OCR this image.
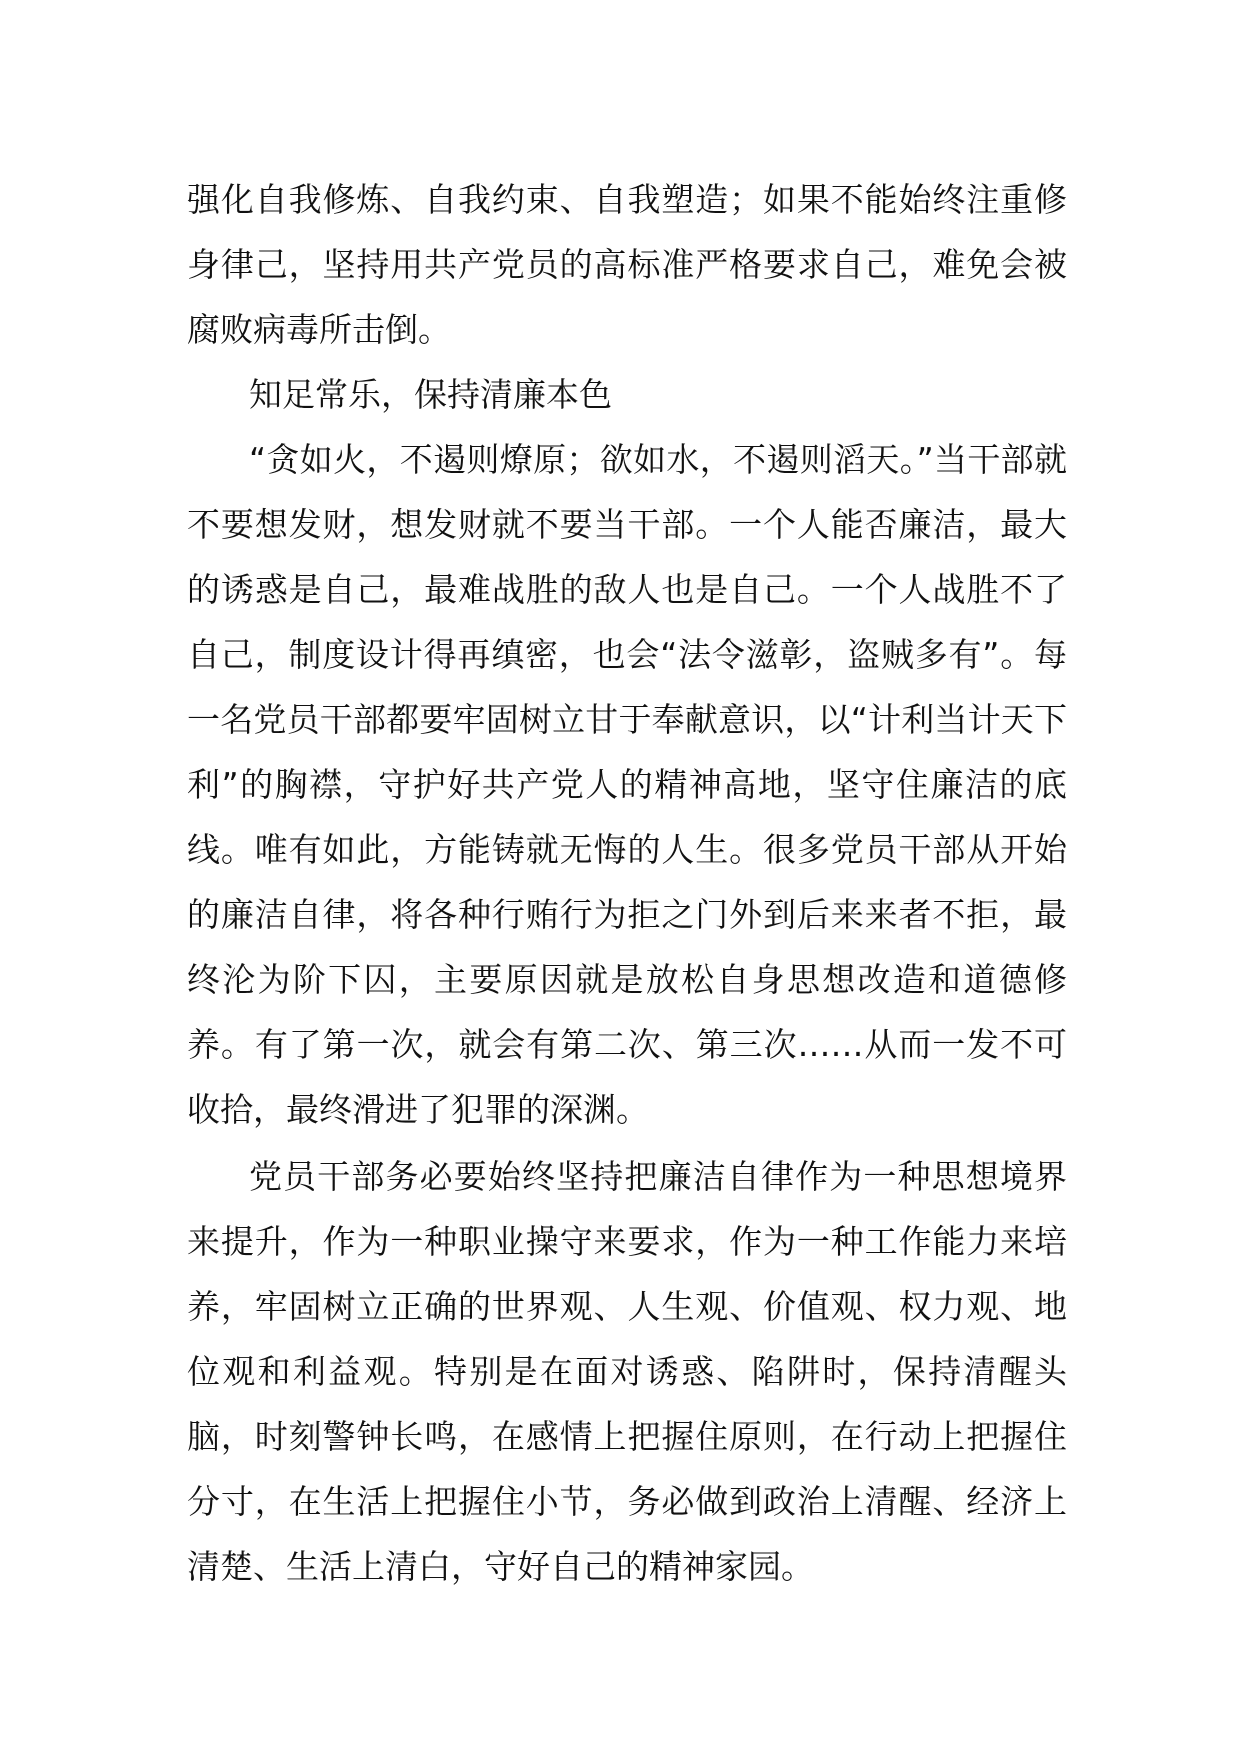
强化自我修炼、自我约束、自我塑造；如果不能始终注重修身律己，坚持用共产党员的高标准严格要求自己，难免会被腐败病毒所击倒。

知足常乐，保持清廉本色

“贪如火，不遏则燎原；欲如水，不遏则滔天。”当干部就不要想发财，想发财就不要当干部。一个人能否廉洁，最大的诱惑是自己，最难战胜的敌人也是自己。一个人战胜不了自己，制度设计得再缜密，也会“法令滋彰，盗贼多有”。每一名党员干部都要牢固树立甘于奉献意识，以“计利当计天下利”的胸襟，守护好共产党人的精神高地，坚守住廉洁的底线。唯有如此，方能铸就无悔的人生。很多党员干部从开始的廉洁自律，将各种行贿行为拒之门外到后来来者不拒，最终沦为阶下囚，主要原因就是放松自身思想改造和道德修养。有了第一次，就会有第二次、第三次……从而一发不可收拾，最终滑进了犯罪的深渊。

党员干部务必要始终坚持把廉洁自律作为一种思想境界来提升，作为一种职业操守来要求，作为一种工作能力来培养，牢固树立正确的世界观、人生观、价值观、权力观、地位观和利益观。特别是在面对诱惑、陷阱时，保持清醒头脑，时刻警钟长鸣，在感情上把握住原则，在行动上把握住分寸，在生活上把握住小节，务必做到政治上清醒、经济上清楚、生活上清白，守好自己的精神家园。
